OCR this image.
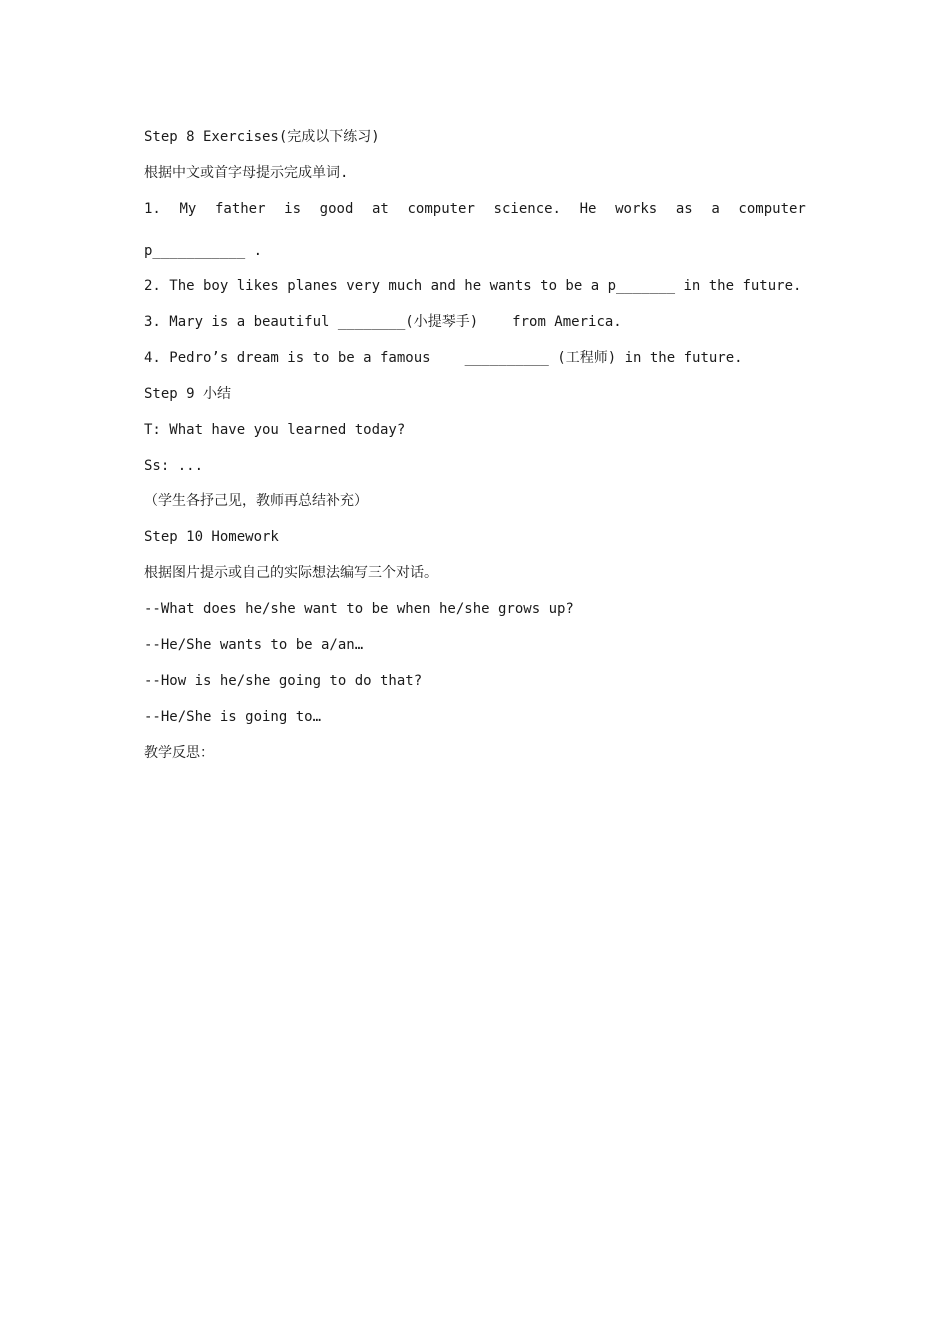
Step 8 Exercises(完成以下练习)
根据中文或首字母提示完成单词.
1. My father is good at computer science. He works as a computer
p___________ .
2. The boy likes planes very much and he wants to be a p_______ in the future.
3. Mary is a beautiful ________(小提琴手) from America.
4. Pedro’s dream is to be a famous __________ (工程师) in the future.
Step 9 小结
T: What have you learned today?
Ss: ...
（学生各抒己见，教师再总结补充）
Step 10 Homework
根据图片提示或自己的实际想法编写三个对话。
--What does he/she want to be when he/she grows up?
--He/She wants to be a/an…
--How is he/she going to do that?
--He/She is going to…
教学反思：
